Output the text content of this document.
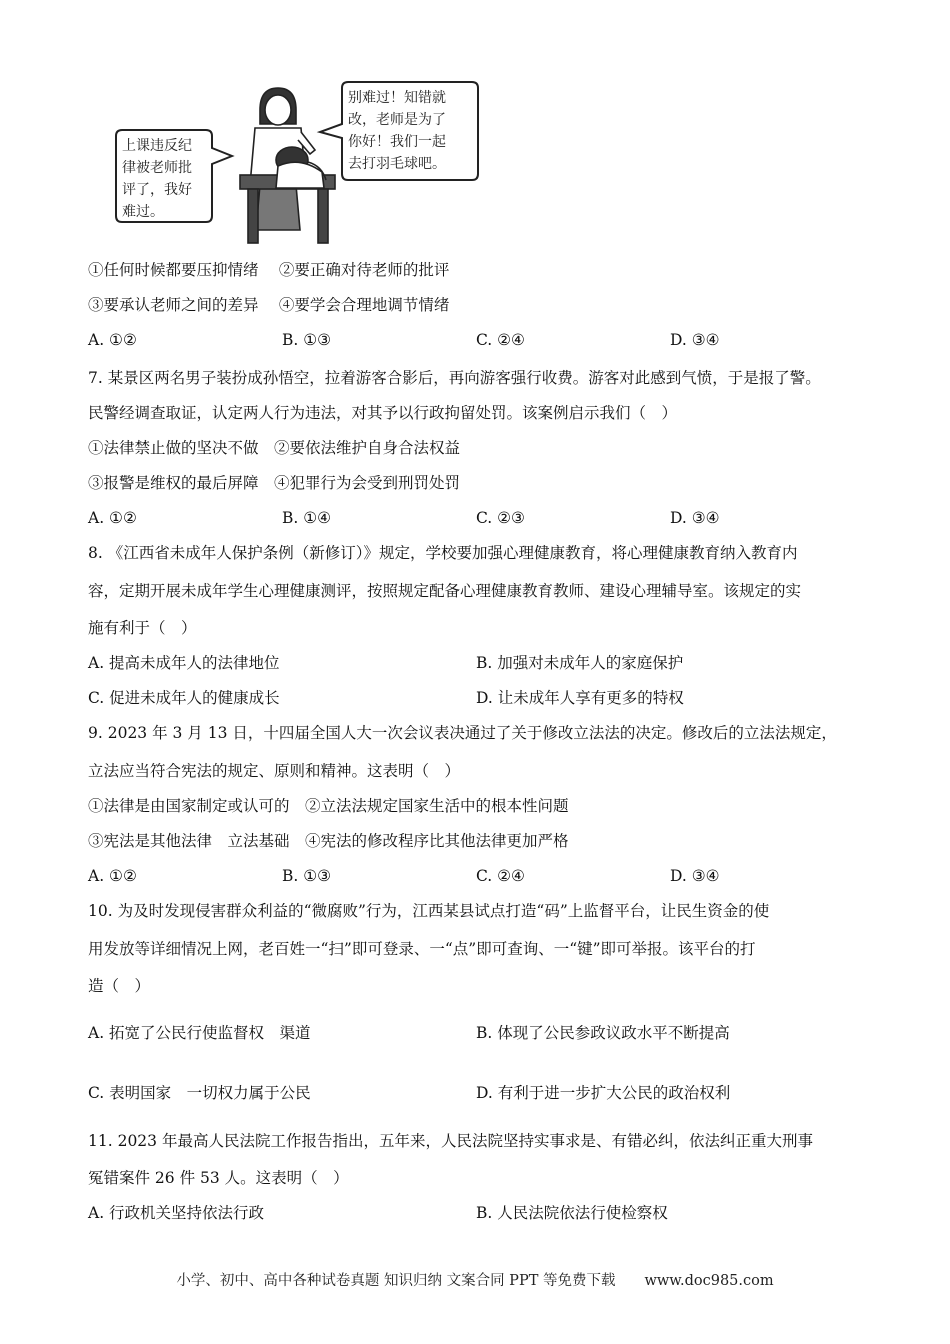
上课违反纪 律被老师批 评了，我好 难过。
别难过！知错就 改，老师是为了 你好！我们一起 去打羽毛球吧。
①任何时候都要压抑情绪　 ②要正确对待老师的批评
③要承认老师之间的差异　 ④要学会合理地调节情绪
A. ①②	B. ①③	C. ②④	D. ③④
7. 某景区两名男子装扮成孙悟空，拉着游客合影后，再向游客强行收费。游客对此感到气愤，于是报了警。
民警经调查取证，认定两人行为违法，对其予以行政拘留处罚。该案例启示我们（　）
①法律禁止做的坚决不做　②要依法维护自身合法权益
③报警是维权的最后屏障　④犯罪行为会受到刑罚处罚
A. ①②	B. ①④	C. ②③	D. ③④
8. 《江西省未成年人保护条例（新修订）》规定，学校要加强心理健康教育，将心理健康教育纳入教育内
容，定期开展未成年学生心理健康测评，按照规定配备心理健康教育教师、建设心理辅导室。该规定的实
施有利于（　）
A. 提高未成年人的法律地位	B. 加强对未成年人的家庭保护
C. 促进未成年人的健康成长	D. 让未成年人享有更多的特权
9. 2023 年 3 月 13 日，十四届全国人大一次会议表决通过了关于修改立法法的决定。修改后的立法法规定，
立法应当符合宪法的规定、原则和精神。这表明（　）
①法律是由国家制定或认可的　②立法法规定国家生活中的根本性问题
③宪法是其他法律　立法基础　④宪法的修改程序比其他法律更加严格
A. ①②	B. ①③	C. ②④	D. ③④
10. 为及时发现侵害群众利益的“微腐败”行为，江西某县试点打造“码”上监督平台，让民生资金的使
用发放等详细情况上网，老百姓一“扫”即可登录、一“点”即可查询、一“键”即可举报。该平台的打
造（　）
A. 拓宽了公民行使监督权　渠道	B. 体现了公民参政议政水平不断提高
C. 表明国家　一切权力属于公民	D. 有利于进一步扩大公民的政治权利
11. 2023 年最高人民法院工作报告指出，五年来，人民法院坚持实事求是、有错必纠，依法纠正重大刑事
冤错案件 26 件 53 人。这表明（　）
A. 行政机关坚持依法行政	B. 人民法院依法行使检察权
小学、初中、高中各种试卷真题 知识归纳 文案合同 PPT 等免费下载　　www.doc985.com
